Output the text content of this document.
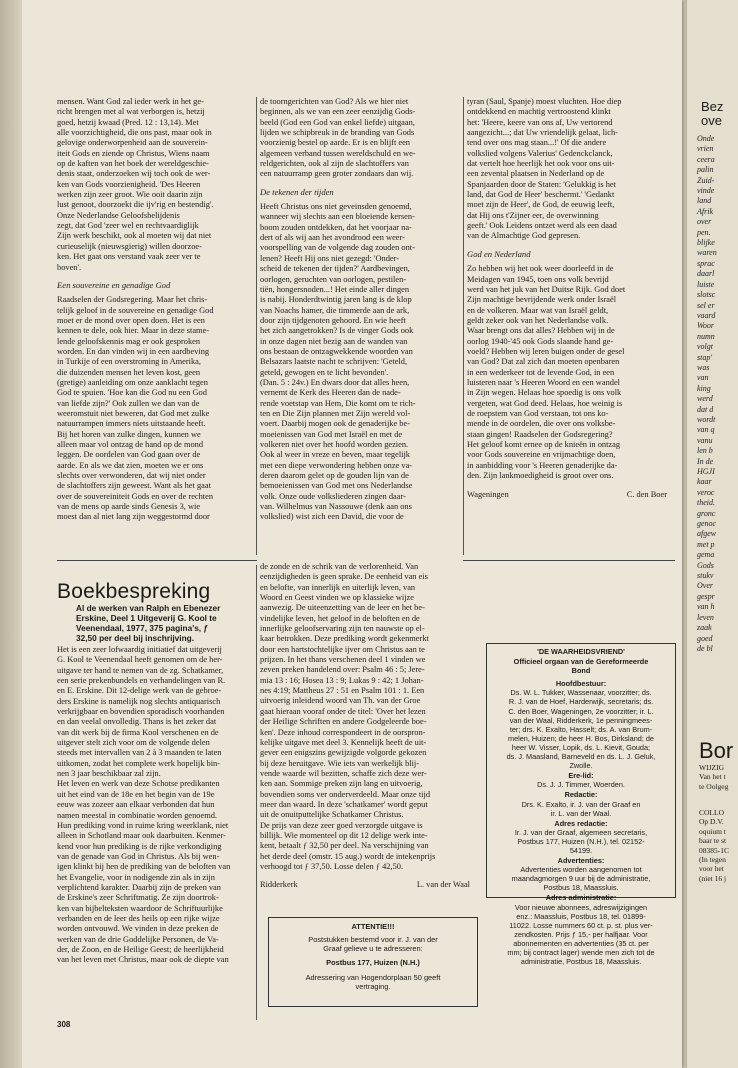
mensen. Want God zal ieder werk in het ge-
richt brengen met al wat verborgen is, hetzij
goed, hetzij kwaad (Pred. 12 : 13,14). Met
alle voorzichtigheid, die ons past, maar ook in
gelovige onderworpenheid aan de souverein-
iteit Gods en ziende op Christus, Wiens naam
op de kaften van het boek der wereldgeschie-
denis staat, onderzoeken wij toch ook de wer-
ken van Gods voorzienigheid. 'Des Heeren
werken zijn zeer groot. Wie ooit daarin zijn
lust genoot, doorzoekt die ijv'rig en bestendig'.
Onze Nederlandse Geloofsbelijdenis
zegt, dat God 'zeer wel en rechtvaardiglijk
Zijn werk beschikt, ook al moeten wij dat niet
curieuselijk (nieuwsgierig) willen doorzoe-
ken. Het gaat ons verstand vaak zeer ver te
boven'.

Een souvereine en genadige God

Raadselen der Godsregering. Maar het chris-
telijk geloof in de souvereine en genadige God
moet er de mond over open doen. Het is een
kennen te dele, ook hier. Maar in deze stame-
lende geloofskennis mag er ook gesproken
worden. En dan vinden wij in een aardbeving
in Turkije of een overstroming in Amerika,
die duizenden mensen het leven kost, geen
(gretige) aanleiding om onze aanklacht tegen
God te spuien. 'Hoe kan die God nu een God
van liefde zijn?' Ook zullen we dan van de
weeromstuit niet beweren, dat God met zulke
natuurrampen immers niets uitstaande heeft.
Bij het horen van zulke dingen, kunnen we
alleen maar vol ontzag de hand op de mond
leggen. De oordelen van God gaan over de
aarde. En als we dat zien, moeten we er ons
slechts over verwonderen, dat wij niet onder
de slachtoffers zijn geweest. Want als het gaat
over de souvereiniteit Gods en over de rechten
van de mens op aarde sinds Genesis 3, wie
moest dan al niet lang zijn weggestormd door

de toorngerichten van God? Als we hier niet
beginnen, als we van een zeer eenzijdig Gods-
beeld (God een God van enkel liefde) uitgaan,
lijden we schipbreuk in de branding van Gods
voorzienig bestel op aarde. Er is en blijft een
algemeen verband tussen wereldschuld en we-
reldgerichten, ook al zijn de slachtoffers van
een natuurramp geen groter zondaars dan wij.

De tekenen der tijden

Heeft Christus ons niet geveinsden genoemd,
wanneer wij slechts aan een bloeiende kersen-
boom zouden ontdekken, dat het voorjaar na-
dert of als wij aan het avondrood een weer-
voorspelling van de volgende dag zouden ont-
lenen? Heeft Hij ons niet gezegd: 'Onder-
scheid de tekenen der tijden?' Aardbevingen,
oorlogen, geruchten van oorlogen, pestilen-
tiën, hongersnoden...! Het einde aller dingen
is nabij. Honderdtwintig jaren lang is de klop
van Noachs hamer, die timmerde aan de ark,
door zijn tijdgenoten gehoord. En wie heeft
het zich aangetrokken? Is de vinger Gods ook
in onze dagen niet bezig aan de wanden van
ons bestaan de ontzagwekkende woorden van
Belsazars laatste nacht te schrijven: 'Geteld,
geteld, gewogen en te licht bevonden'.
(Dan. 5 : 24v.) En dwars door dat alles heen,
vernemt de Kerk des Heeren dan de nade-
rende voetstap van Hem, Die komt om te rich-
ten en Die Zijn plannen met Zijn wereld vol-
voert. Daarbij mogen ook de genaderijke be-
moeienissen van God met Israël en met de
volkeren niet over het hoofd worden gezien.
Ook al weer in vreze en beven, maar tegelijk
met een diepe verwondering hebben onze va-
deren daarom gelet op de gouden lijn van de
bemoeienissen van God met ons Nederlandse
volk. Onze oude volksliederen zingen daar-
van. Wilhelmus van Nassouwe (denk aan ons
volkslied) wist zich een David, die voor de

tyran (Saul, Spanje) moest vluchten. Hoe diep
ontdekkend en machtig vertroostend klinkt
het: 'Heere, keere van ons af, Uw vertorend
aangezicht...; dat Uw vriendelijk gelaat, lich-
tend over ons mag staan...!' Of die andere
volkslied volgens Valerius' Gedenckclanck,
dat vertelt hoe heerlijk het ook voor ons uit-
een zevental plaatsen in Nederland op de
Spanjaarden door de Staten: 'Gelukkig is het
land, dat God de Heer' beschermt.' 'Gedankt
moet zijn de Heer', de God, de eeuwig leeft,
dat Hij ons t'Zijner eer, de overwinning
geeft.' Ook Leidens ontzet werd als een daad
van de Almachtige God gepresen.

God en Nederland

Zo hebben wij het ook weer doorleefd in de
Meidagen van 1945, toen ons volk bevrijd
werd van het juk van het Duitse Rijk. God doet
Zijn machtige bevrijdende werk onder Israël
en de volkeren. Maar wat van Israël geldt,
geldt zeker ook van het Nederlandse volk.
Waar brengt ons dat alles? Hebben wij in de
oorlog 1940-'45 ook Gods slaande hand ge-
voeld? Hebben wij leren buigen onder de gesel
van God? Dat zal zich dan moeten openbaren
in een wederkeer tot de levende God, in een
luisteren naar 's Heeren Woord en een wandel
in Zijn wegen. Helaas hoe spoedig is ons volk
vergeten, wat God deed. Helaas, hoe weinig is
de roepstem van God verstaan, tot ons ko-
mende in de oordelen, die over ons volksbe-
staan gingen! Raadselen der Godsregering?
Het geloof komt ernee op de knieën in ontzag
voor Gods souvereine en vrijmachtige doen,
in aanbidding voor 's Heeren genaderijke da-
den. Zijn lankmoedigheid is groot over ons.

Wageningen	C. den Boer
Boekbespreking
Al de werken van Ralph en Ebenezer
Erskine, Deel 1 Uitgeverij G. Kool te
Veenendaal, 1977, 375 pagina's, ƒ
32,50 per deel bij inschrijving.

Het is een zeer lofwaardig initiatief dat uitgeverij
G. Kool te Veenendaal heeft genomen om de her-
uitgave ter hand te nemen van de zg. Schatkamer,
een serie prekenbundels en verhandelingen van R.
en E. Erskine. Dit 12-delige werk van de gebroe-
ders Erskine is namelijk nog slechts antiquarisch
verkrijgbaar en bovendien sporadisch voorhanden
en dan veelal onvolledig. Thans is het zeker dat
van dit werk bij de firma Kool verschenen en de
uitgever stelt zich voor om de volgende delen
steeds met intervallen van 2 à 3 maanden te laten
uitkomen, zodat het complete werk hopelijk bin-
nen 3 jaar beschikbaar zal zijn.
Het leven en werk van deze Schotse predikanten
uit het eind van de 18e en het begin van de 19e
eeuw was zozeer aan elkaar verbonden dat hun
namen meestal in combinatie worden genoemd.
Hun prediking vond in ruime kring weerklank, niet
alleen in Schotland maar ook daarbuiten. Kenmer-
kend voor hun prediking is de rijke verkondiging
van de genade van God in Christus. Als bij wen-
igen klinkt bij hen de prediking van de beloften van
het Evangelie, voor in nodigende zin als in zijn
verplichtend karakter. Daarbij zijn de preken van
de Erskine's zeer Schriftmatig. Ze zijn doortrok-
ken van bijbelteksten waardoor de Schriftuurlijke
verbanden en de leer des heils op een rijke wijze
worden ontvouwd. We vinden in deze preken de
werken van de drie Goddelijke Personen, de Va-
der, de Zoon, en de Heilige Geest; de heerlijkheid
van het leven met Christus, maar ook de diepte van

de zonde en de schrik van de verlorenheid. Van
eenzijdigheden is geen sprake. De eenheid van eis
en belofte, van innerlijk en uiterlijk leven, van
Woord en Geest vinden we op klassieke wijze
aanwezig. De uiteenzetting van de leer en het be-
vindelijke leven, het geloof in de beloften en de
innerlijke geloofservaring zijn ten nauwste op el-
kaar betrokken. Deze prediking wordt gekenmerkt
door een hartstochtelijke ijver om Christus aan te
prijzen. In het thans verschenen deel 1 vinden we
zeven preken handelend over: Psalm 46 : 5; Jere-
mia 13 : 16; Hosea 13 : 9; Lukas 9 : 42; 1 Johan-
nes 4:19; Mattheus 27 : 51 en Psalm 101 : 1. Een
uitvoerig inleidend woord van Th. van der Groe
gaat hieraan vooraf onder de titel: 'Over het lezen
der Heilige Schriften en andere Godgeleerde boe-
ken'. Deze inhoud correspondeert in de oorspron-
kelijke uitgave met deel 3. Kennelijk heeft de uit-
gever een enigszins gewijzigde volgorde gekozen
bij deze heruitgave. Wie iets van werkelijk blij-
vende waarde wil bezitten, schaffe zich deze wer-
ken aan. Sommige preken zijn lang en uitvoerig,
bovendien soms ver onderverdeeld. Maar onze tijd
meer dan waard. In deze 'schatkamer' wordt geput
uit de onuitputtelijke Schatkamer Christus.
De prijs van deze zeer goed verzorgde uitgave is
billijk. Wie momenteel op dit 12 delige werk inte-
kent, betaalt ƒ 32,50 per deel. Na verschijning van
het derde deel (omstr. 15 aug.) wordt de intekenprijs
verhoogd tot ƒ 37,50. Losse delen ƒ 42,50.

Ridderkerk	L. van der Waal
'DE WAARHEIDSVRIEND'
Officieel orgaan van de Gereformeerde
Bond
Hoofdbestuur:
Ds. W. L. Tukker, Wassenaar, voorzitter; ds.
R. J. van de Hoef, Harderwijk, secretaris; ds.
C. den Boer, Wageningen, 2e voorzitter; ir. L.
van der Waal, Ridderkerk, 1e penningmees-
ter; drs. K. Exalto, Hasselt; ds. A. van Brum-
melen, Huizen; de heer H. Bos, Dirksland; de
heer W. Visser, Lopik, ds. L. Kievit, Gouda;
ds. J. Maasland, Barneveld en ds. L. J. Geluk,
Zwolle.
Ere-lid:
Ds. J. J. Timmer, Woerden.
Redactie:
Drs. K. Exalto, ir. J. van der Graaf en
ir. L. van der Waal.
Adres redactie:
Ir. J. van der Graaf, algemeen secretaris,
Postbus 177, Huizen (N.H.), tel. 02152-
54199.
Advertenties:
Advertenties worden aangenomen tot
maandagmorgen 9 uur bij de administratie,
Postbus 18, Maassluis.
Adres administratie:
Voor nieuwe abonnees, adreswijzigingen
enz.: Maassluis, Postbus 18, tel. 01899-
11022. Losse nummers 60 ct. p. st. plus ver-
zendkosten. Prijs ƒ 15,- per halfjaar. Voor
abonnementen en advertenties (35 ct. per
mm; bij contract lager) wende men zich tot de
administratie, Postbus 18, Maassluis.
ATTENTIE!!!
Poststukken bestemd voor ir. J. van der
Graaf gelieve u te adresseren:
Postbus 177, Huizen (N.H.)
Adressering van Hogendorplaan 50 geeft
vertraging.
308
Bez
ove
Onde
vrien
ceera
palin
Zuid-
vinde
land
Afrik
over
pen.
blijke
waren
sprac
daarl
luiste
slotsc
sel er
vaard
Woor
numn
volgt
stap'
was
van
king
werd
dat d
wordt
van q
vanu
len b
In de
HGJI
kaar
veroc
theid.
gronc
genoc
afgew
met p
gema
Gods
stukv
Over
gespr
van h
leven
zaak
goed
de bl
Bor
WIJZIG
Van het t
te Oolgeg
COLLO
Op D.V.
oquium t
baar te st
08385-1C
(In tegen
voor het
(niet 16 j
